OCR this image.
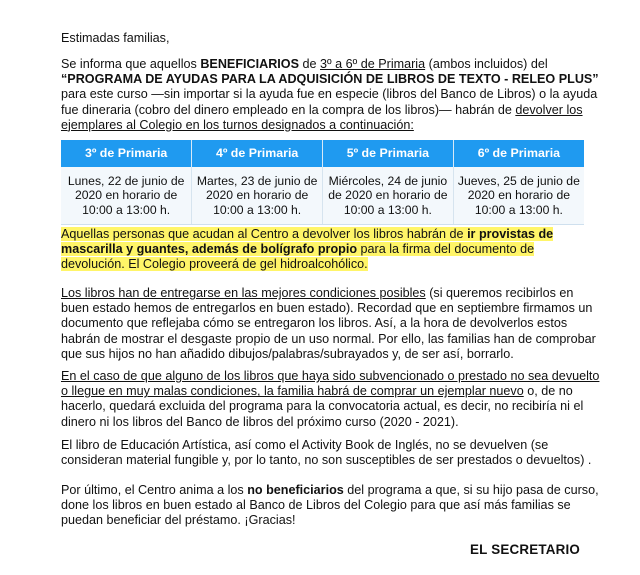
Estimadas familias,

Se informa que aquellos BENEFICIARIOS de 3º a 6º de Primaria (ambos incluidos) del “PROGRAMA DE AYUDAS PARA LA ADQUISICIÓN DE LIBROS DE TEXTO - RELEO PLUS” para este curso —sin importar si la ayuda fue en especie (libros del Banco de Libros) o la ayuda fue dineraria (cobro del dinero empleado en la compra de los libros)— habrán de devolver los ejemplares al Colegio en los turnos designados a continuación:

3º de Primaria	4º de Primaria	5º de Primaria	6º de Primaria
Lunes, 22 de junio de 2020 en horario de 10:00 a 13:00 h.	Martes, 23 de junio de 2020 en horario de 10:00 a 13:00 h.	Miércoles, 24 de junio de 2020 en horario de 10:00 a 13:00 h.	Jueves, 25 de junio de 2020 en horario de 10:00 a 13:00 h.

Aquellas personas que acudan al Centro a devolver los libros habrán de ir provistas de mascarilla y guantes, además de bolígrafo propio para la firma del documento de devolución. El Colegio proveerá de gel hidroalcohólico.

Los libros han de entregarse en las mejores condiciones posibles (si queremos recibirlos en buen estado hemos de entregarlos en buen estado). Recordad que en septiembre firmamos un documento que reflejaba cómo se entregaron los libros. Así, a la hora de devolverlos estos habrán de mostrar el desgaste propio de un uso normal. Por ello, las familias han de comprobar que sus hijos no han añadido dibujos/palabras/subrayados y, de ser así, borrarlo.

En el caso de que alguno de los libros que haya sido subvencionado o prestado no sea devuelto o llegue en muy malas condiciones, la familia habrá de comprar un ejemplar nuevo o, de no hacerlo, quedará excluida del programa para la convocatoria actual, es decir, no recibiría ni el dinero ni los libros del Banco de libros del próximo curso (2020 - 2021).

El libro de Educación Artística, así como el Activity Book de Inglés, no se devuelven (se consideran material fungible y, por lo tanto, no son susceptibles de ser prestados o devueltos) .

Por último, el Centro anima a los no beneficiarios del programa a que, si su hijo pasa de curso, done los libros en buen estado al Banco de Libros del Colegio para que así más familias se puedan beneficiar del préstamo. ¡Gracias!

EL SECRETARIO
